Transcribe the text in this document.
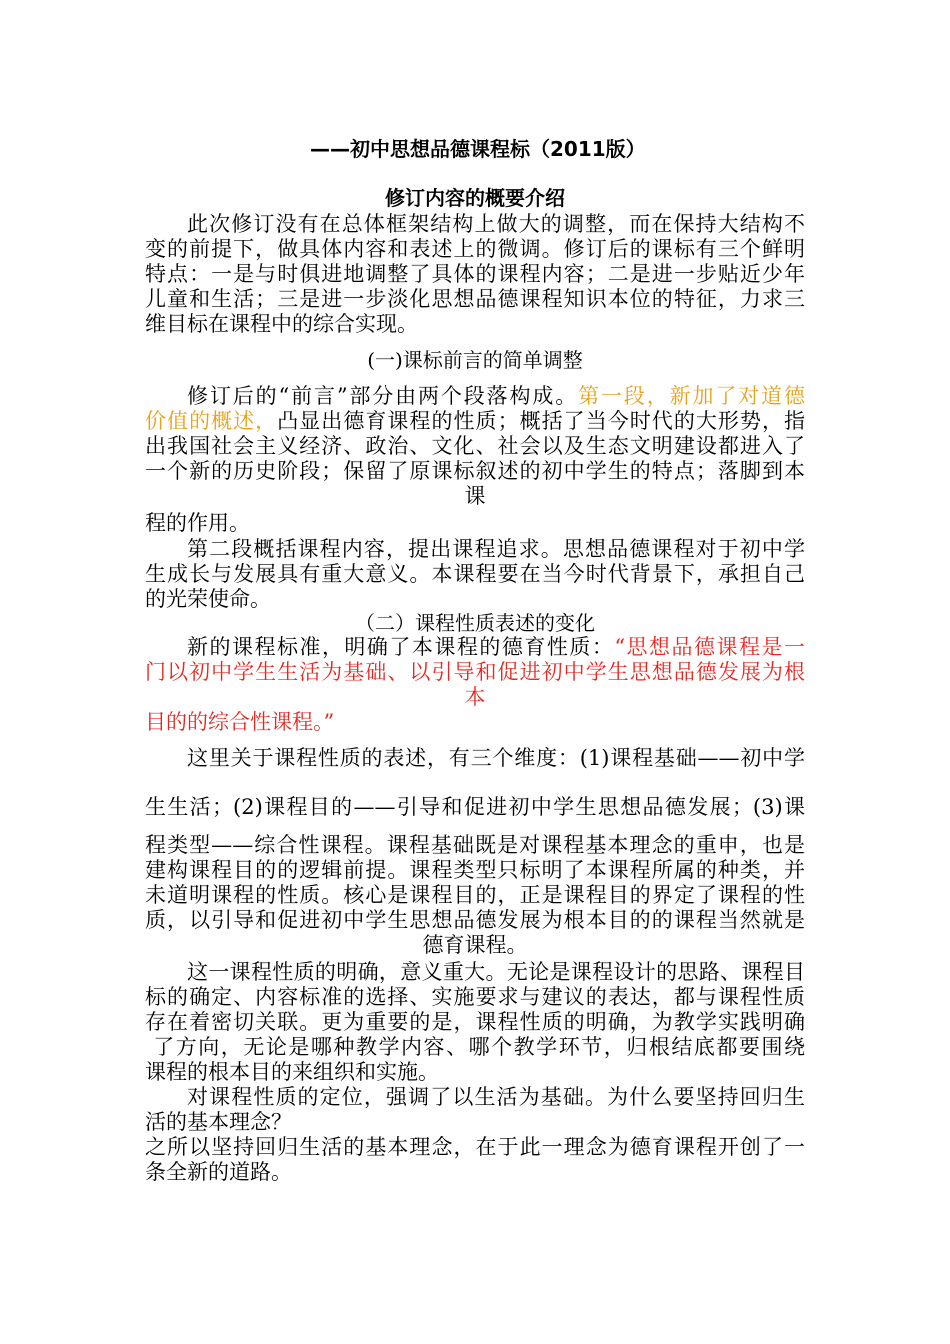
——初中思想品德课程标（2011版）
修订内容的概要介绍
此次修订没有在总体框架结构上做大的调整，而在保持大结构不
变的前提下，做具体内容和表述上的微调。修订后的课标有三个鲜明
特点：一是与时俱进地调整了具体的课程内容；二是进一步贴近少年
儿童和生活；三是进一步淡化思想品德课程知识本位的特征，力求三
维目标在课程中的综合实现。
(一)课标前言的简单调整
修订后的“前言”部分由两个段落构成。第一段，新加了对道德
价值的概述，凸显出德育课程的性质；概括了当今时代的大形势，指
出我国社会主义经济、政治、文化、社会以及生态文明建设都进入了
一个新的历史阶段；保留了原课标叙述的初中学生的特点；落脚到本
课
程的作用。
第二段概括课程内容，提出课程追求。思想品德课程对于初中学
生成长与发展具有重大意义。本课程要在当今时代背景下，承担自己
的光荣使命。
（二）课程性质表述的变化
新的课程标准，明确了本课程的德育性质：“思想品德课程是一
门以初中学生生活为基础、以引导和促进初中学生思想品德发展为根
本
目的的综合性课程。”
这里关于课程性质的表述，有三个维度：(1)课程基础——初中学
生生活；(2)课程目的——引导和促进初中学生思想品德发展；(3)课
程类型——综合性课程。课程基础既是对课程基本理念的重申，也是
建构课程目的的逻辑前提。课程类型只标明了本课程所属的种类，并
未道明课程的性质。核心是课程目的，正是课程目的界定了课程的性
质，以引导和促进初中学生思想品德发展为根本目的的课程当然就是
德育课程。
这一课程性质的明确，意义重大。无论是课程设计的思路、课程目
标的确定、内容标准的选择、实施要求与建议的表达，都与课程性质
存在着密切关联。更为重要的是，课程性质的明确，为教学实践明确
了方向，无论是哪种教学内容、哪个教学环节，归根结底都要围绕
课程的根本目的来组织和实施。
对课程性质的定位，强调了以生活为基础。为什么要坚持回归生
活的基本理念？
之所以坚持回归生活的基本理念，在于此一理念为德育课程开创了一
条全新的道路。
